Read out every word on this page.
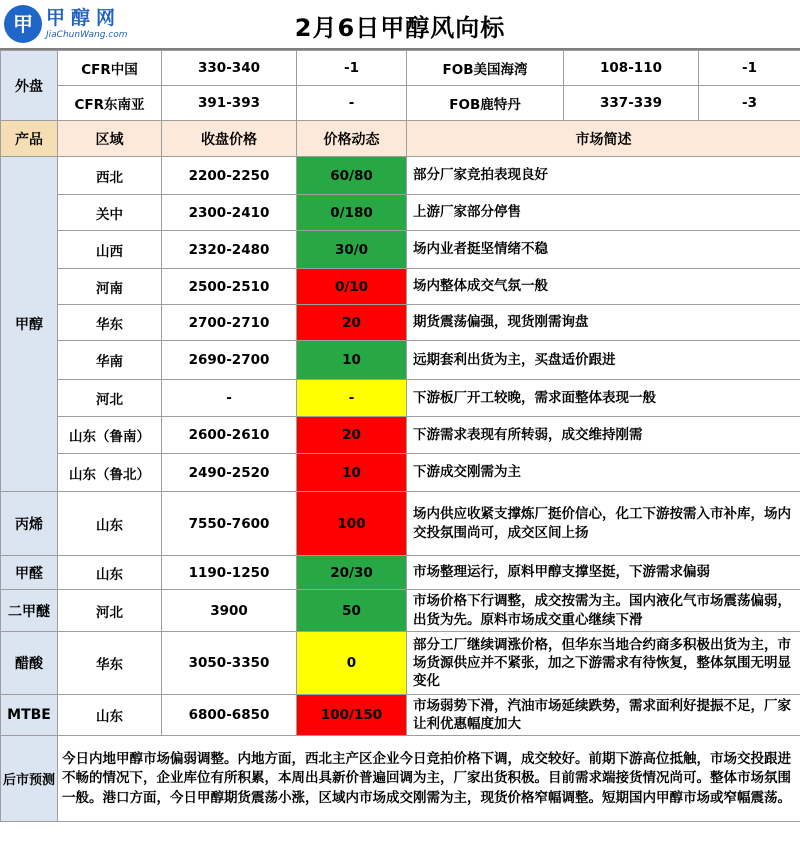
甲 甲醇网
JiaChunWang.com	2月6日甲醇风向标
外盘	CFR中国	330-340	-1	FOB美国海湾	108-110	-1
	CFR东南亚	391-393	-	FOB鹿特丹	337-339	-3
产品	区域	收盘价格	价格动态	市场简述		
甲醇	西北	2200-2250	60/80	部分厂家竞拍表现良好		
	关中	2300-2410	0/180	上游厂家部分停售		
	山西	2320-2480	30/0	场内业者挺坚情绪不稳		
	河南	2500-2510	0/10	场内整体成交气氛一般		
	华东	2700-2710	20	期货震荡偏强，现货刚需询盘		
	华南	2690-2700	10	远期套利出货为主，买盘适价跟进		
	河北	-	-	下游板厂开工较晚，需求面整体表现一般		
	山东（鲁南）	2600-2610	20	下游需求表现有所转弱，成交维持刚需		
	山东（鲁北）	2490-2520	10	下游成交刚需为主		
丙烯	山东	7550-7600	100	场内供应收紧支撑炼厂挺价信心，化工下游按需入市补库，场内交投氛围尚可，成交区间上扬		
甲醛	山东	1190-1250	20/30	市场整理运行，原料甲醇支撑坚挺，下游需求偏弱		
二甲醚	河北	3900	50	市场价格下行调整，成交按需为主。国内液化气市场震荡偏弱，出货为先。原料市场成交重心继续下滑		
醋酸	华东	3050-3350	0	部分工厂继续调涨价格，但华东当地合约商多积极出货为主，市场货源供应并不紧张，加之下游需求有待恢复，整体氛围无明显变化		
MTBE	山东	6800-6850	100/150	市场弱势下滑，汽油市场延续跌势，需求面利好提振不足，厂家让利优惠幅度加大		
后市预测	今日内地甲醇市场偏弱调整。内地方面，西北主产区企业今日竞拍价格下调，成交较好。前期下游高位抵触，市场交投跟进不畅的情况下，企业库位有所积累，本周出具新价普遍回调为主，厂家出货积极。目前需求端接货情况尚可。整体市场氛围一般。港口方面，今日甲醇期货震荡小涨，区域内市场成交刚需为主，现货价格窄幅调整。短期国内甲醇市场或窄幅震荡。					
